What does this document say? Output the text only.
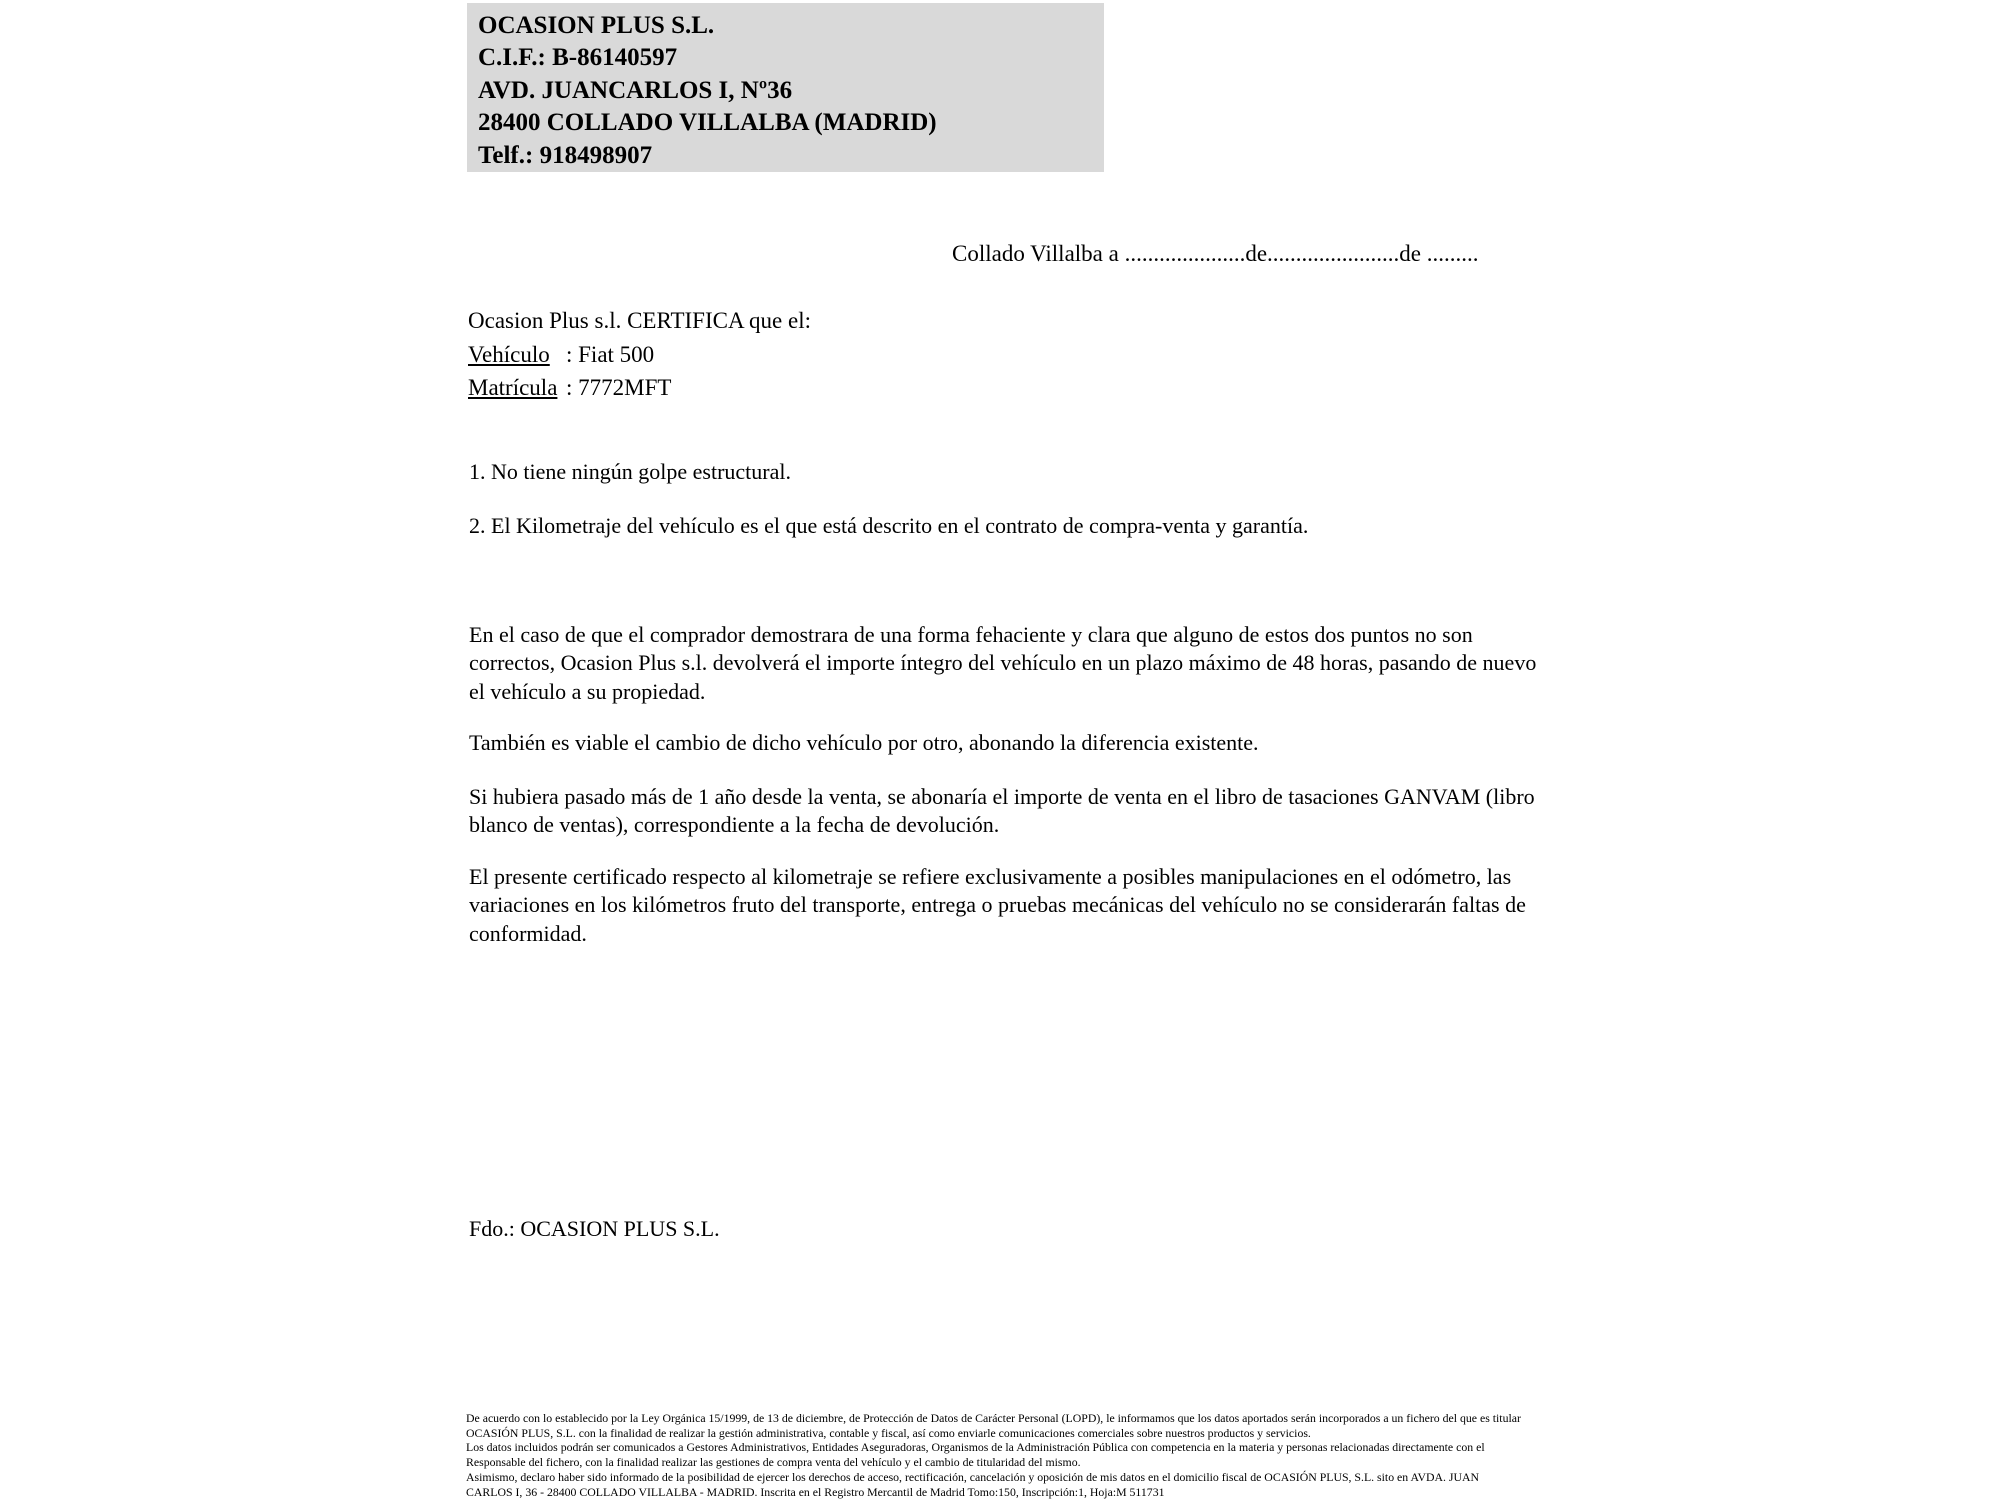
OCASION PLUS S.L.
C.I.F.: B-86140597
AVD. JUANCARLOS I, Nº36
28400 COLLADO VILLALBA (MADRID)
Telf.: 918498907
Collado Villalba a .....................de.......................de .........
Ocasion Plus s.l. CERTIFICA que el:
Vehículo : Fiat 500
Matrícula : 7772MFT
1. No tiene ningún golpe estructural.
2. El Kilometraje del vehículo es el que está descrito en el contrato de compra-venta y garantía.
En el caso de que el comprador demostrara de una forma fehaciente y clara que alguno de estos dos puntos no son correctos, Ocasion Plus s.l. devolverá el importe íntegro del vehículo en un plazo máximo de 48 horas, pasando de nuevo el vehículo a su propiedad.
También es viable el cambio de dicho vehículo por otro, abonando la diferencia existente.
Si hubiera pasado más de 1 año desde la venta, se abonaría el importe de venta en el libro de tasaciones GANVAM (libro blanco de ventas), correspondiente a la fecha de devolución.
El presente certificado respecto al kilometraje se refiere exclusivamente a posibles manipulaciones en el odómetro, las variaciones en los kilómetros fruto del transporte, entrega o pruebas mecánicas del vehículo no se considerarán faltas de conformidad.
Fdo.: OCASION PLUS S.L.
De acuerdo con lo establecido por la Ley Orgánica 15/1999, de 13 de diciembre, de Protección de Datos de Carácter Personal (LOPD), le informamos que los datos aportados serán incorporados a un fichero del que es titular
OCASIÓN PLUS, S.L. con la finalidad de realizar la gestión administrativa, contable y fiscal, así como enviarle comunicaciones comerciales sobre nuestros productos y servicios.
Los datos incluidos podrán ser comunicados a Gestores Administrativos, Entidades Aseguradoras, Organismos de la Administración Pública con competencia en la materia y personas relacionadas directamente con el
Responsable del fichero, con la finalidad realizar las gestiones de compra venta del vehículo y el cambio de titularidad del mismo.
Asimismo, declaro haber sido informado de la posibilidad de ejercer los derechos de acceso, rectificación, cancelación y oposición de mis datos en el domicilio fiscal de OCASIÓN PLUS, S.L. sito en AVDA. JUAN
CARLOS I, 36 - 28400 COLLADO VILLALBA - MADRID. Inscrita en el Registro Mercantil de Madrid Tomo:150, Inscripción:1, Hoja:M 511731
